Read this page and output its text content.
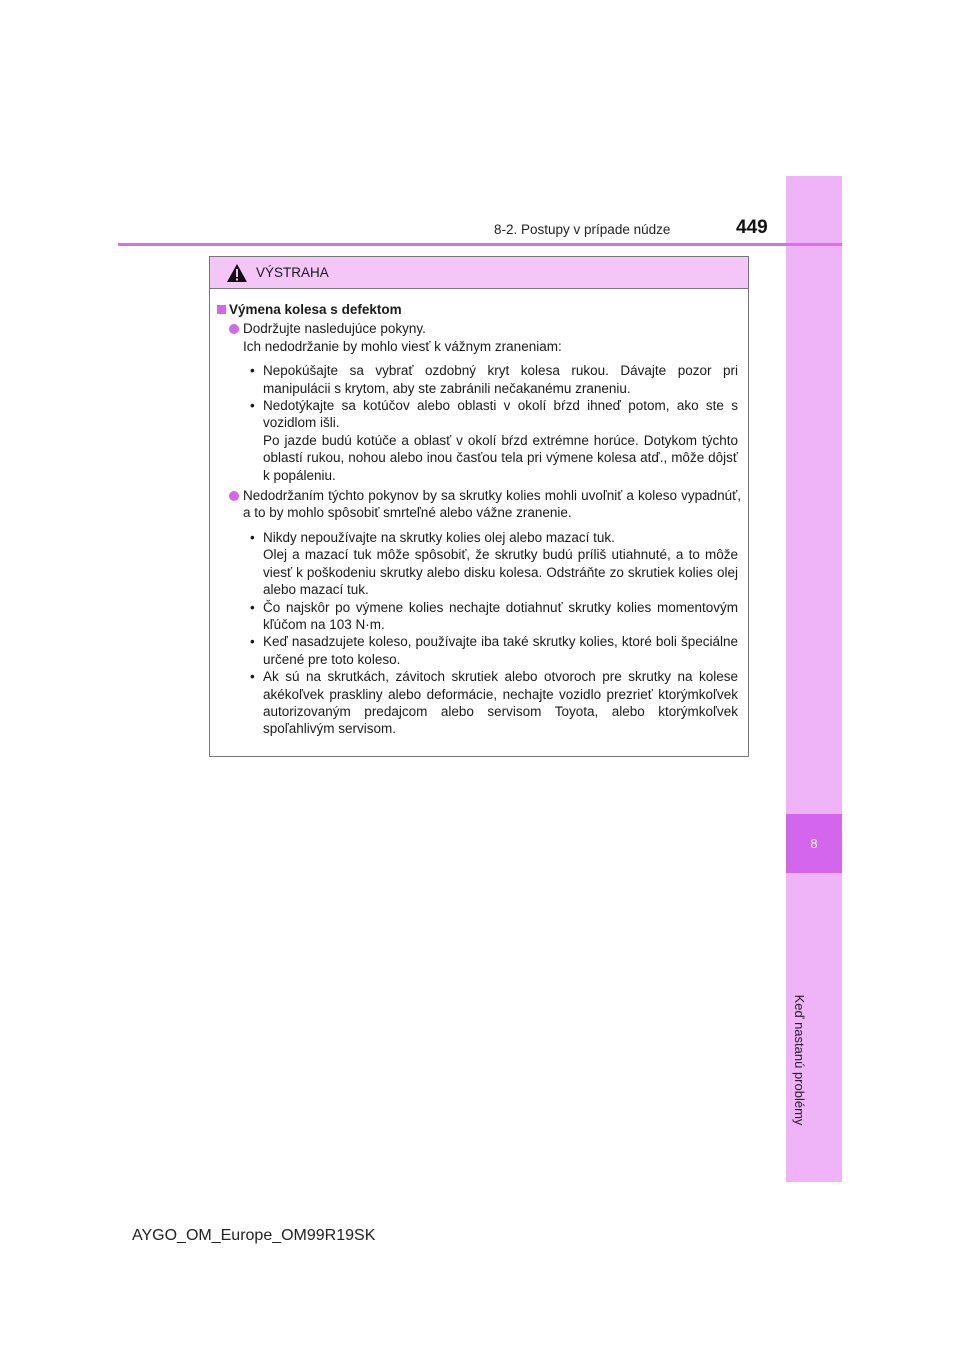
8
Keď nastanú problémy
8-2. Postupy v prípade núdze	449
VÝSTRAHA
Výmena kolesa s defektom
Dodržujte nasledujúce pokyny.
Ich nedodržanie by mohlo viesť k vážnym zraneniam:
• Nepokúšajte sa vybrať ozdobný kryt kolesa rukou. Dávajte pozor pri manipulácii s krytom, aby ste zabránili nečakanému zraneniu.
• Nedotýkajte sa kotúčov alebo oblasti v okolí bŕzd ihneď potom, ako ste s vozidlom išli.
Po jazde budú kotúče a oblasť v okolí bŕzd extrémne horúce. Dotykom týchto oblastí rukou, nohou alebo inou časťou tela pri výmene kolesa atď., môže dôjsť k popáleniu.
Nedodržaním týchto pokynov by sa skrutky kolies mohli uvoľniť a koleso vypadnúť, a to by mohlo spôsobiť smrteľné alebo vážne zranenie.
• Nikdy nepoužívajte na skrutky kolies olej alebo mazací tuk.
Olej a mazací tuk môže spôsobiť, že skrutky budú príliš utiahnuté, a to môže viesť k poškodeniu skrutky alebo disku kolesa. Odstráňte zo skrutiek kolies olej alebo mazací tuk.
• Čo najskôr po výmene kolies nechajte dotiahnuť skrutky kolies momentovým kľúčom na 103 N·m.
• Keď nasadzujete koleso, používajte iba také skrutky kolies, ktoré boli špeciálne určené pre toto koleso.
• Ak sú na skrutkách, závitoch skrutiek alebo otvoroch pre skrutky na kolese akékoľvek praskliny alebo deformácie, nechajte vozidlo prezrieť ktorýmkoľvek autorizovaným predajcom alebo servisom Toyota, alebo ktorýmkoľvek spoľahlivým servisom.
AYGO_OM_Europe_OM99R19SK
